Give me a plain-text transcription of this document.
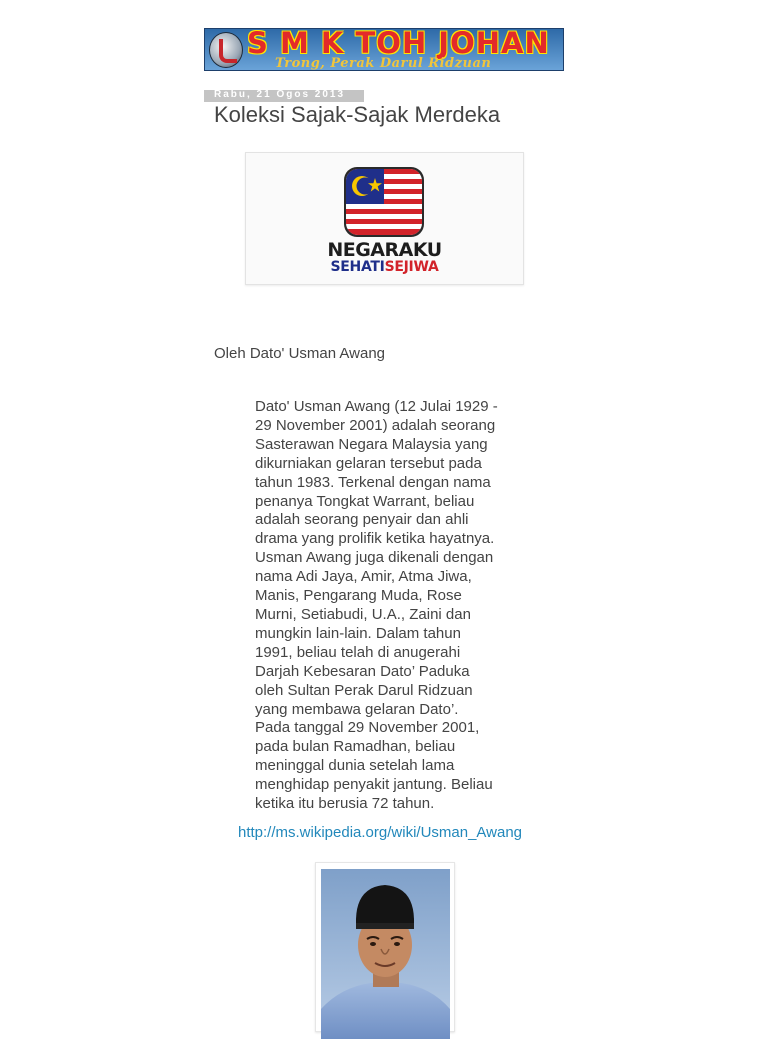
S M K TOH JOHAN
Trong, Perak Darul Ridzuan
Rabu, 21 Ogos 2013
Koleksi Sajak-Sajak Merdeka
NEGARAKU
SEHATISEJIWA
Oleh Dato' Usman Awang
Dato' Usman Awang (12 Julai 1929 -
29 November 2001) adalah seorang
Sasterawan Negara Malaysia yang
dikurniakan gelaran tersebut pada
tahun 1983. Terkenal dengan nama
penanya Tongkat Warrant, beliau
adalah seorang penyair dan ahli
drama yang prolifik ketika hayatnya.
Usman Awang juga dikenali dengan
nama Adi Jaya, Amir, Atma Jiwa,
Manis, Pengarang Muda, Rose
Murni, Setiabudi, U.A., Zaini dan
mungkin lain-lain. Dalam tahun
1991, beliau telah di anugerahi
Darjah Kebesaran Dato’ Paduka
oleh Sultan Perak Darul Ridzuan
yang membawa gelaran Dato’.
Pada tanggal 29 November 2001,
pada bulan Ramadhan, beliau
meninggal dunia setelah lama
menghidap penyakit jantung. Beliau
ketika itu berusia 72 tahun.
http://ms.wikipedia.org/wiki/Usman_Awang
